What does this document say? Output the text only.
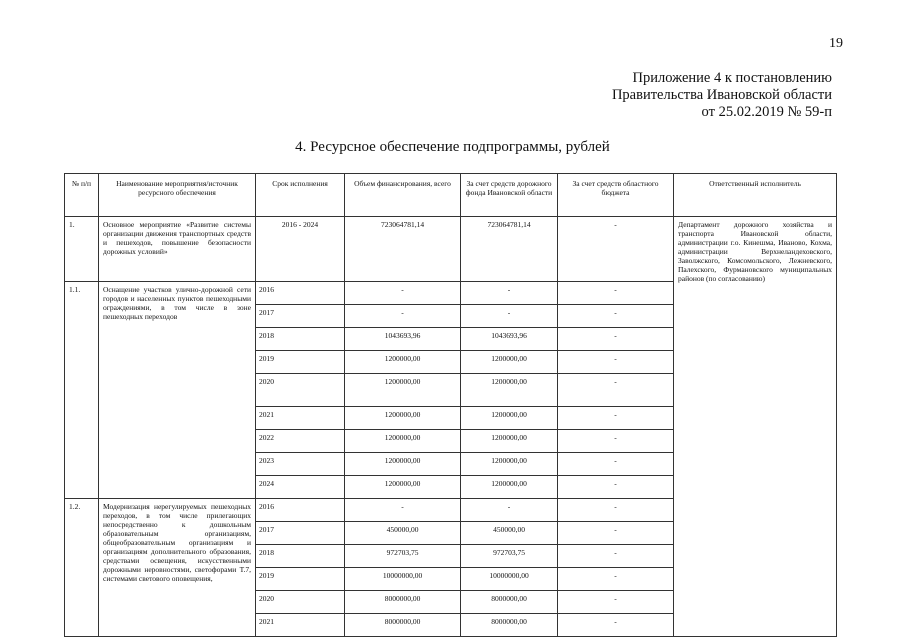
19
Приложение 4 к постановлению
Правительства Ивановской области
от 25.02.2019 № 59-п
4. Ресурсное обеспечение подпрограммы, рублей
№ п/п	Наименование мероприятия/источник ресурсного обеспечения	Срок исполнения	Объем финансирования, всего	За счет средств дорожного фонда Ивановской области	За счет средств областного бюджета	Ответственный исполнитель
1.	Основное мероприятие «Развитие системы организации движения транспортных средств и пешеходов, повышение безопасности дорожных условий»	2016 - 2024	723064781,14	723064781,14	-	Департамент дорожного хозяйства и транспорта Ивановской области, администрации г.о. Кинешма, Иваново, Кохма, администрации Верхнеландеховского, Заволжского, Комсомольского, Лежневского, Палехского, Фурмановского муниципальных районов (по согласованию)
1.1.	Оснащение участков улично-дорожной сети городов и населенных пунктов пешеходными ограждениями, в том числе в зоне пешеходных переходов	2016	-	-	-	
		2017	-	-	-	
		2018	1043693,96	1043693,96	-	
		2019	1200000,00	1200000,00	-	
		2020	1200000,00	1200000,00	-	
		2021	1200000,00	1200000,00	-	
		2022	1200000,00	1200000,00	-	
		2023	1200000,00	1200000,00	-	
		2024	1200000,00	1200000,00	-	
1.2.	Модернизация нерегулируемых пешеходных переходов, в том числе прилегающих непосредственно к дошкольным образовательным организациям, общеобразовательным организациям и организациям дополнительного образования, средствами освещения, искусственными дорожными неровностями, светофорами Т.7, системами светового оповещения,	2016	-	-	-	
		2017	450000,00	450000,00	-	
		2018	972703,75	972703,75	-	
		2019	10000000,00	10000000,00	-	
		2020	8000000,00	8000000,00	-	
		2021	8000000,00	8000000,00	-	
